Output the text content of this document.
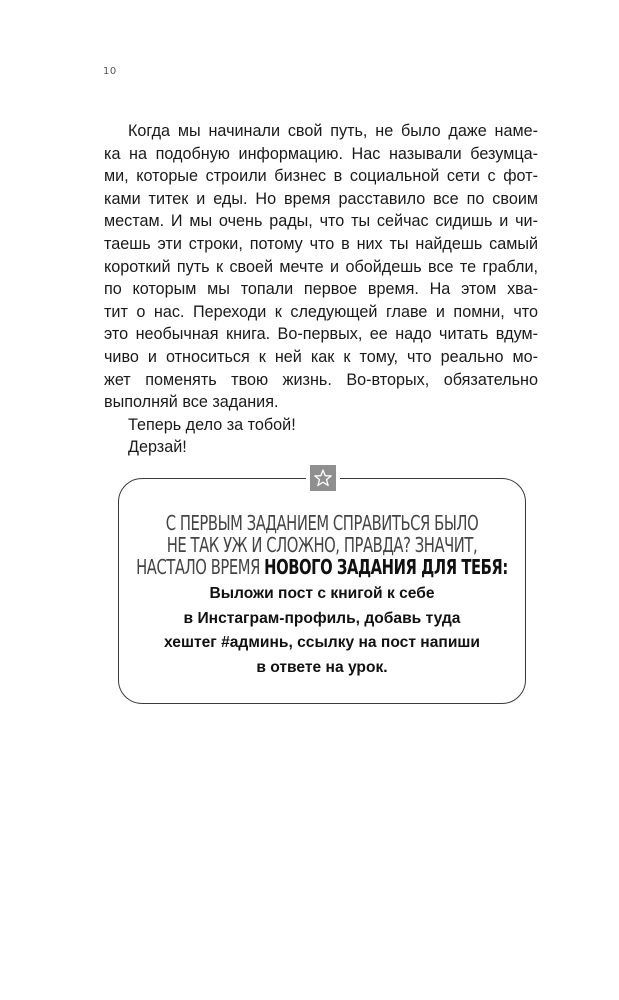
10
Когда мы начинали свой путь, не было даже наме-
ка на подобную информацию. Нас называли безумца-
ми, которые строили бизнес в социальной сети с фот-
ками титек и еды. Но время расставило все по своим
местам. И мы очень рады, что ты сейчас сидишь и чи-
таешь эти строки, потому что в них ты найдешь самый
короткий путь к своей мечте и обойдешь все те грабли,
по которым мы топали первое время. На этом хва-
тит о нас. Переходи к следующей главе и помни, что
это необычная книга. Во-первых, ее надо читать вдум-
чиво и относиться к ней как к тому, что реально мо-
жет поменять твою жизнь. Во-вторых, обязательно
выполняй все задания.
Теперь дело за тобой!
Дерзай!
С ПЕРВЫМ ЗАДАНИЕМ СПРАВИТЬСЯ БЫЛО
НЕ ТАК УЖ И СЛОЖНО, ПРАВДА? ЗНАЧИТ,
НАСТАЛО ВРЕМЯ НОВОГО ЗАДАНИЯ ДЛЯ ТЕБЯ:
Выложи пост с книгой к себе
в Инстаграм-профиль, добавь туда
хештег #админь, ссылку на пост напиши
в ответе на урок.
